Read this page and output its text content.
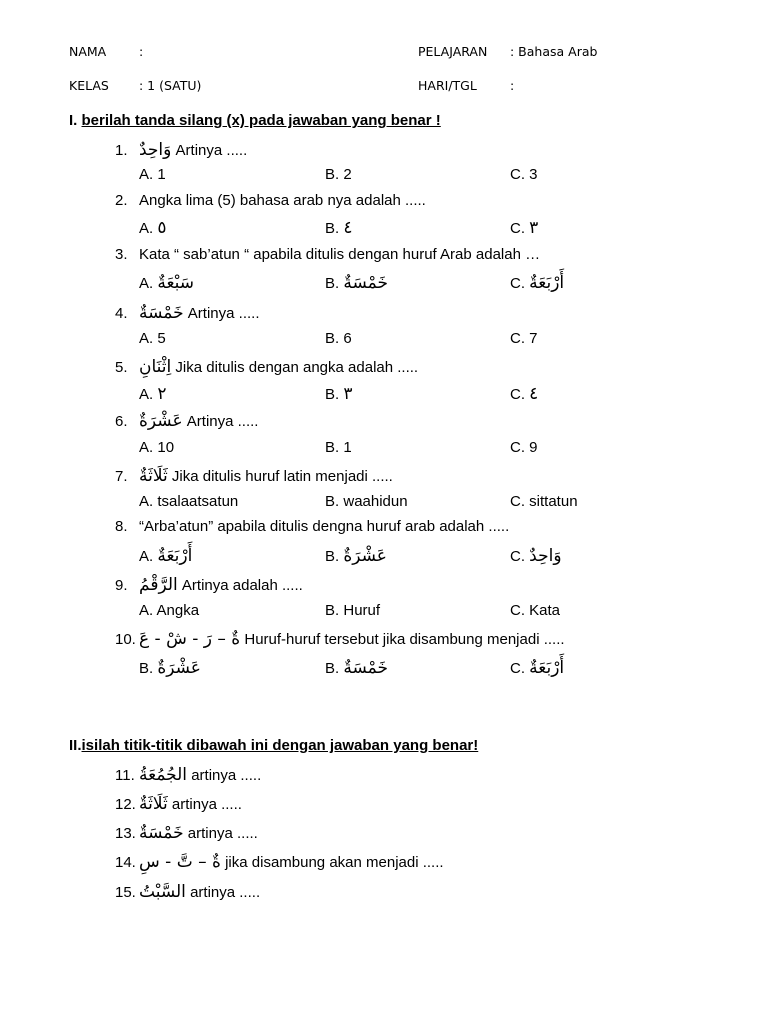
NAMA	:	PELAJARAN : Bahasa Arab
KELAS : 1 (SATU)	HARI/TGL	:
I. berilah tanda silang (x) pada jawaban yang benar !
1. وَاحِدٌ Artinya .....
A. 1	B. 2	C. 3
2. Angka lima (5) bahasa arab nya adalah .....
A. ٥	B. ٤	C. ٣
3. Kata “ sab’atun “ apabila ditulis dengan huruf Arab adalah …
A. سَبْعَةٌ	B. خَمْسَةٌ	C. أَرْبَعَةٌ
4. خَمْسَةٌ Artinya .....
A. 5	B. 6	C. 7
5. اِثْنَانِ Jika ditulis dengan angka adalah .....
A. ٢	B. ٣	C. ٤
6. عَشْرَةٌ Artinya .....
A. 10	B. 1	C. 9
7. ثَلَاثَةٌ Jika ditulis huruf latin menjadi .....
A. tsalaatsatun	B. waahidun	C. sittatun
8. “Arba’atun” apabila ditulis dengna huruf arab adalah .....
A. أَرْبَعَةٌ	B. عَشْرَةٌ	C. وَاحِدٌ
9. الرَّقْمُ Artinya adalah .....
A. Angka	B. Huruf	C. Kata
10. ةٌ – رَ - شْ - عَ Huruf-huruf tersebut jika disambung menjadi .....
B. عَشْرَةٌ	B. خَمْسَةٌ	C. أَرْبَعَةٌ
II.isilah titik-titik dibawah ini dengan jawaban yang benar!
11. الجُمُعَةُ artinya .....
12. ثَلَاثَةٌ artinya .....
13. خَمْسَةٌ artinya .....
14. ةٌ – تَّ - سِ jika disambung akan menjadi .....
15. السَّبْتُ artinya .....
